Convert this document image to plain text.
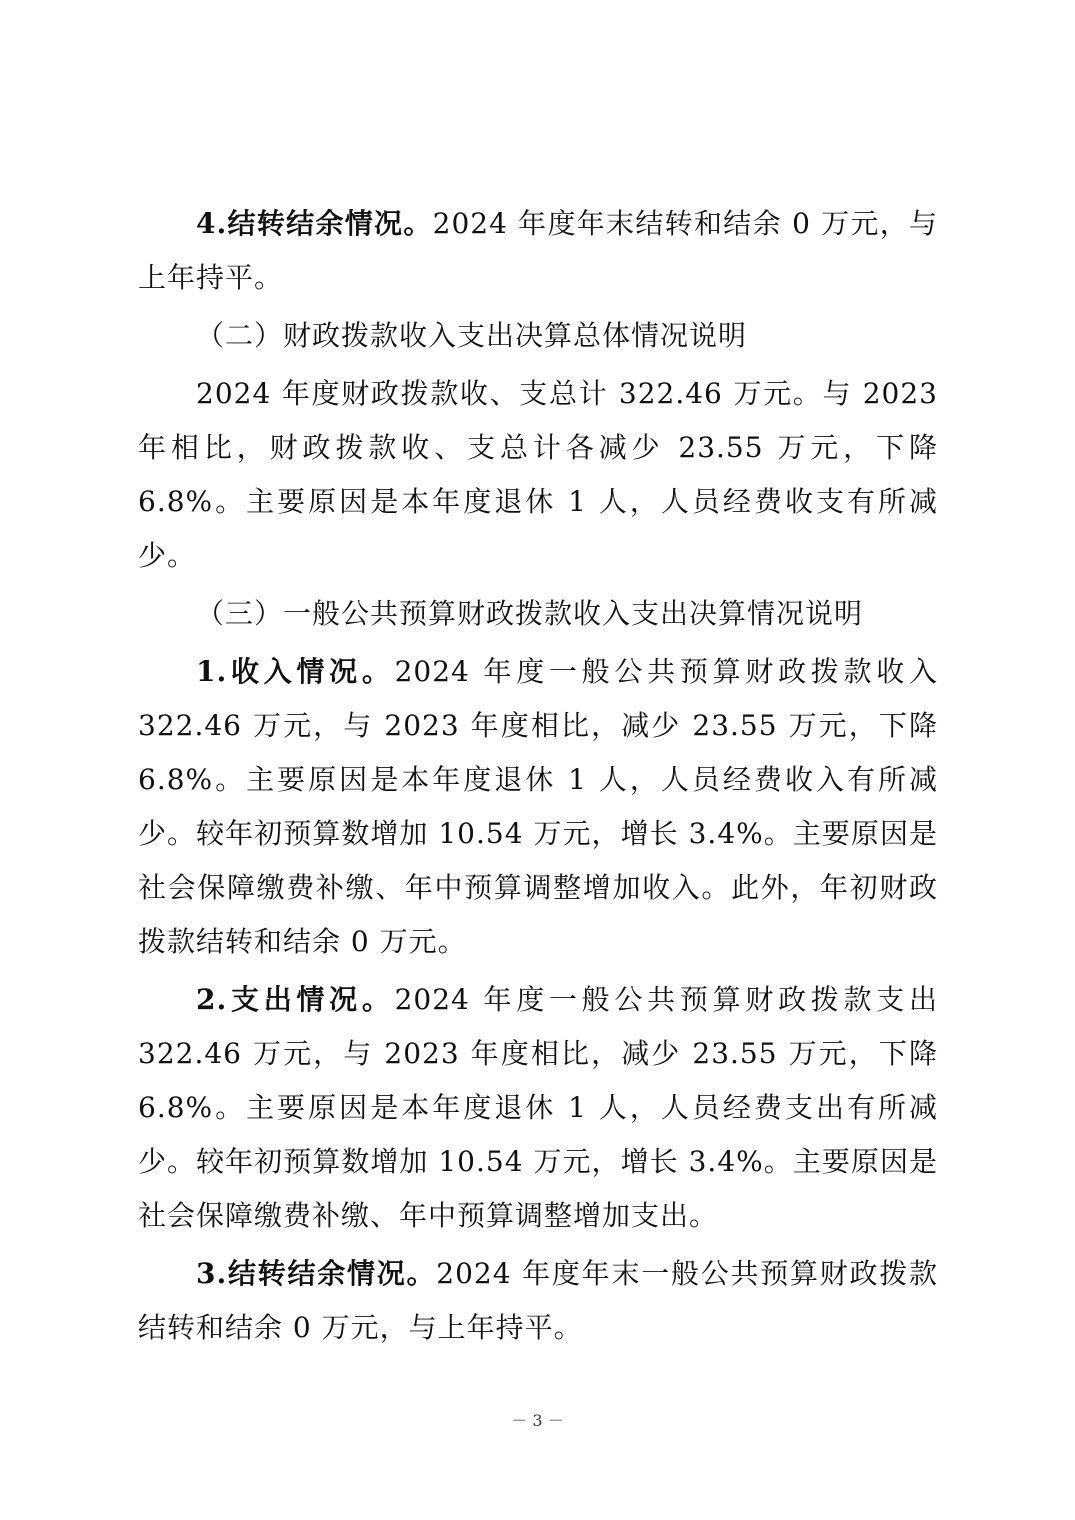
4.结转结余情况。2024 年度年末结转和结余 0 万元，与上年持平。

（二）财政拨款收入支出决算总体情况说明

2024 年度财政拨款收、支总计 322.46 万元。与 2023 年相比，财政拨款收、支总计各减少 23.55 万元，下降 6.8%。主要原因是本年度退休 1 人，人员经费收支有所减少。

（三）一般公共预算财政拨款收入支出决算情况说明

1.收入情况。2024 年度一般公共预算财政拨款收入 322.46 万元，与 2023 年度相比，减少 23.55 万元，下降 6.8%。主要原因是本年度退休 1 人，人员经费收入有所减少。较年初预算数增加 10.54 万元，增长 3.4%。主要原因是社会保障缴费补缴、年中预算调整增加收入。此外，年初财政拨款结转和结余 0 万元。

2.支出情况。2024 年度一般公共预算财政拨款支出 322.46 万元，与 2023 年度相比，减少 23.55 万元，下降 6.8%。主要原因是本年度退休 1 人，人员经费支出有所减少。较年初预算数增加 10.54 万元，增长 3.4%。主要原因是社会保障缴费补缴、年中预算调整增加支出。

3.结转结余情况。2024 年度年末一般公共预算财政拨款结转和结余 0 万元，与上年持平。

－ 3 －
